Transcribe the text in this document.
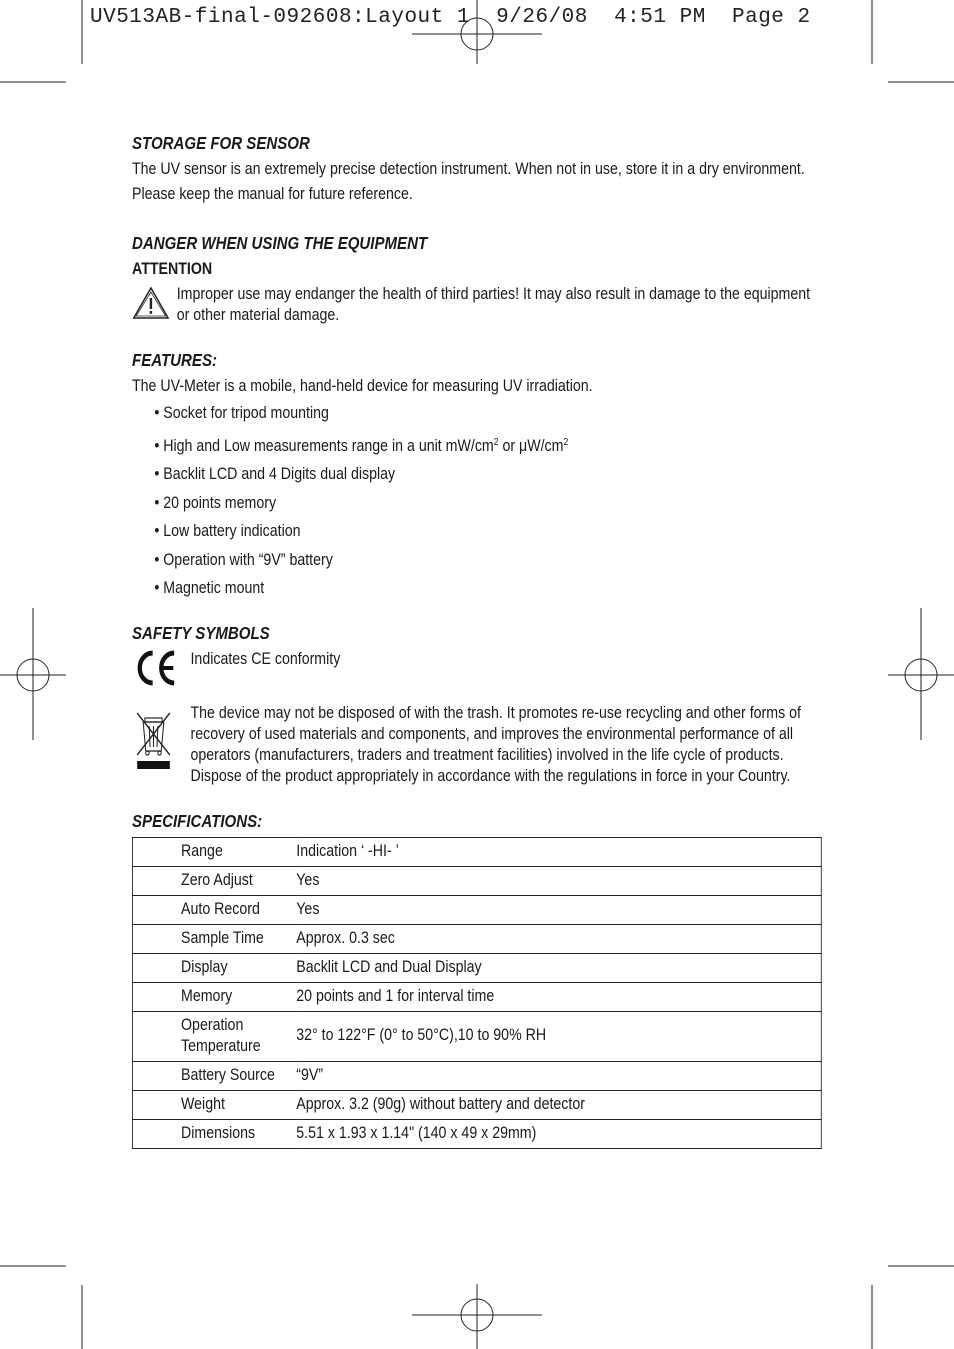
UV513AB-final-092608:Layout 1  9/26/08  4:51 PM  Page 2
STORAGE FOR SENSOR

The UV sensor is an extremely precise detection instrument. When not in use, store it in a dry environment.

Please keep the manual for future reference.

DANGER WHEN USING THE EQUIPMENT
ATTENTION

Improper use may endanger the health of third parties! It may also result in damage to the equipment or other material damage.

FEATURES:

The UV-Meter is a mobile, hand-held device for measuring UV irradiation.

• Socket for tripod mounting
• High and Low measurements range in a unit $mW/cm^2$ or $\mu W/cm^2$
• Backlit LCD and 4 Digits dual display
• 20 points memory
• Low battery indication
• Operation with “9V” battery
• Magnetic mount
SAFETY SYMBOLS

Indicates CE conformity

The device may not be disposed of with the trash. It promotes re-use recycling and other forms of recovery of used materials and components, and improves the environmental performance of all operators (manufacturers, traders and treatment facilities) involved in the life cycle of products. Dispose of the product appropriately in accordance with the regulations in force in your Country.

SPECIFICATIONS:
Range	Indication ‘ -HI- ’
Zero Adjust	Yes
Auto Record	Yes
Sample Time	Approx. 0.3 sec
Display	Backlit LCD and Dual Display
Memory	20 points and 1 for interval time
Operation Temperature	32° to 122°F (0° to 50°C),10 to 90% RH
Battery Source	“9V”
Weight	Approx. 3.2 (90g) without battery and detector
Dimensions	5.51 x 1.93 x 1.14" (140 x 49 x 29mm)
